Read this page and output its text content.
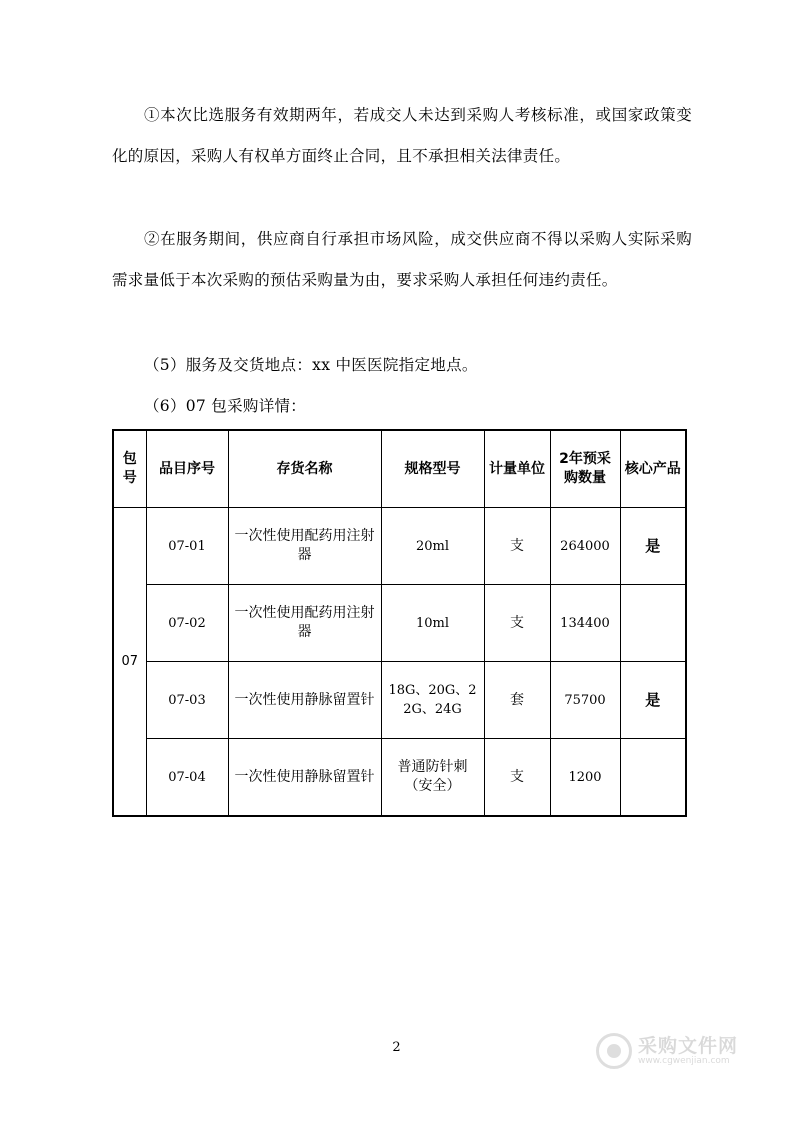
①本次比选服务有效期两年，若成交人未达到采购人考核标准，或国家政策变化的原因，采购人有权单方面终止合同，且不承担相关法律责任。

②在服务期间，供应商自行承担市场风险，成交供应商不得以采购人实际采购需求量低于本次采购的预估采购量为由，要求采购人承担任何违约责任。

（5）服务及交货地点：xx 中医医院指定地点。

（6）07 包采购详情：

包号	品目序号	存货名称	规格型号	计量单位	2年预采购数量	核心产品
07	07-01	一次性使用配药用注射器	20ml	支	264000	是
	07-02	一次性使用配药用注射器	10ml	支	134400	
	07-03	一次性使用静脉留置针	18G、20G、22G、24G	套	75700	是
	07-04	一次性使用静脉留置针	普通防针刺（安全）	支	1200	
2	采购文件网
www.cgwenjian.com
